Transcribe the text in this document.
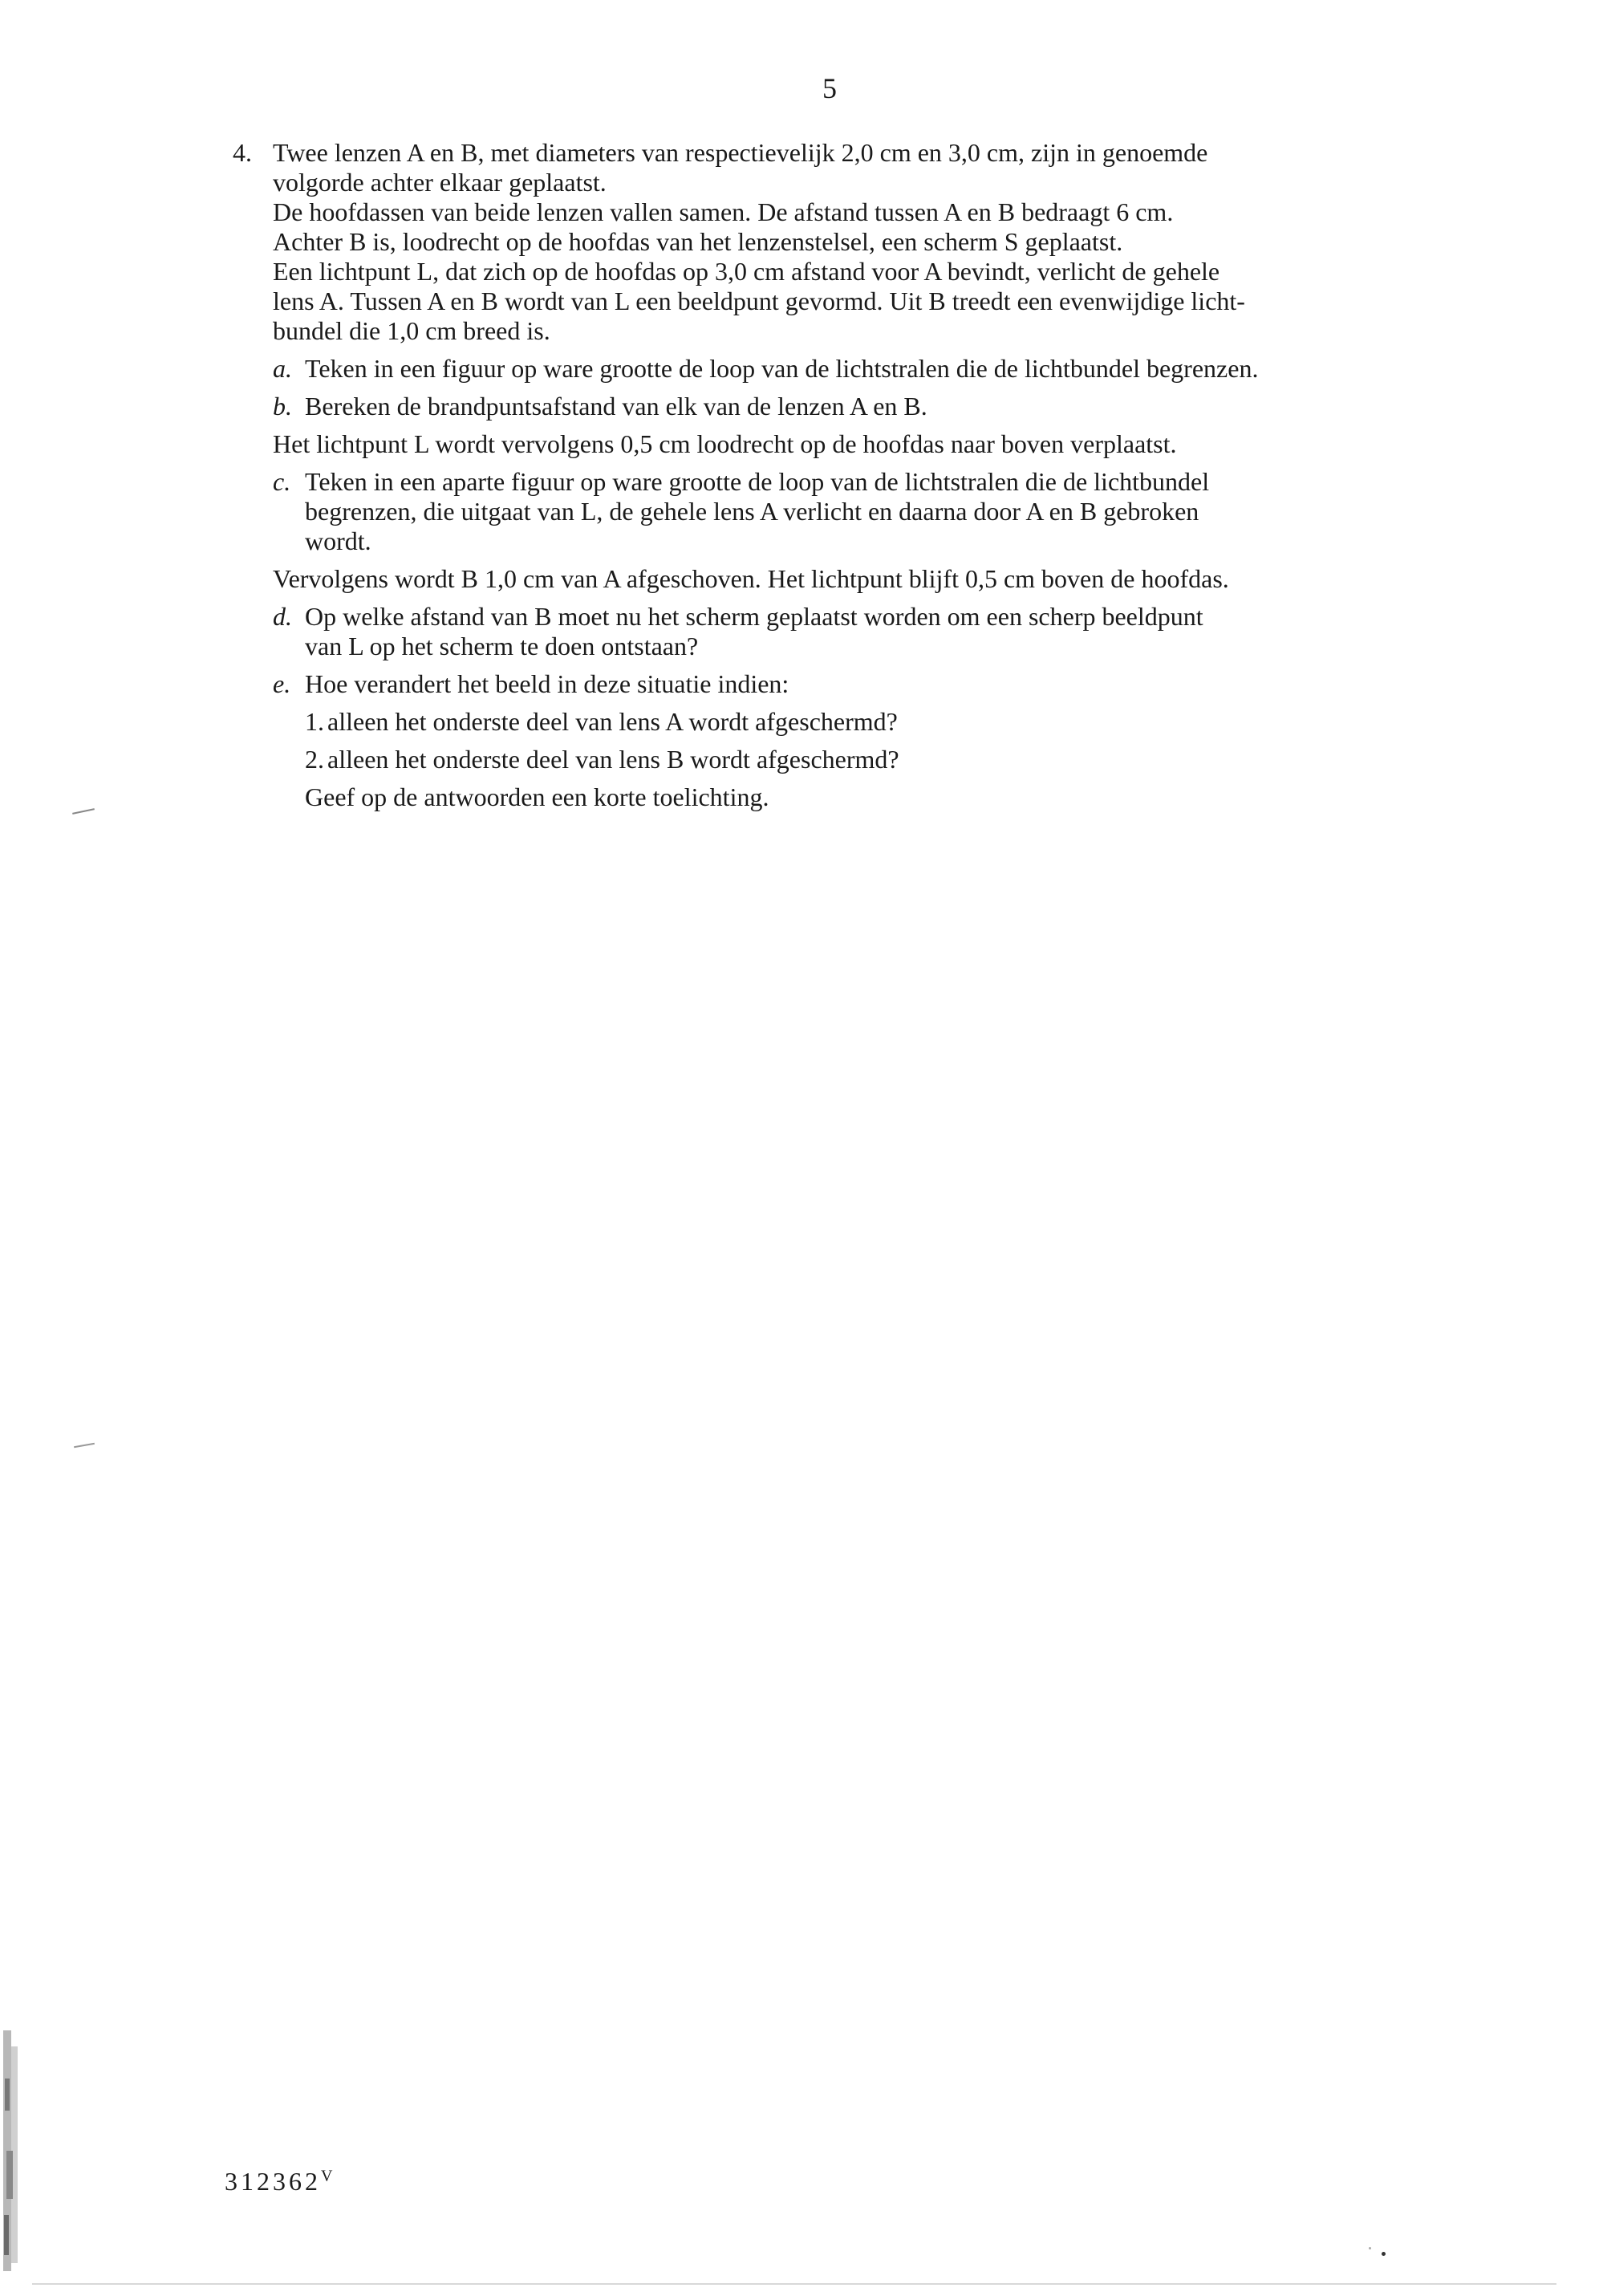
5
4. Twee lenzen A en B, met diameters van respectievelijk 2,0 cm en 3,0 cm, zijn in genoemde
volgorde achter elkaar geplaatst.
De hoofdassen van beide lenzen vallen samen. De afstand tussen A en B bedraagt 6 cm.
Achter B is, loodrecht op de hoofdas van het lenzenstelsel, een scherm S geplaatst.
Een lichtpunt L, dat zich op de hoofdas op 3,0 cm afstand voor A bevindt, verlicht de gehele
lens A. Tussen A en B wordt van L een beeldpunt gevormd. Uit B treedt een evenwijdige licht-
bundel die 1,0 cm breed is.
a. Teken in een figuur op ware grootte de loop van de lichtstralen die de lichtbundel begrenzen.
b. Bereken de brandpuntsafstand van elk van de lenzen A en B.
Het lichtpunt L wordt vervolgens 0,5 cm loodrecht op de hoofdas naar boven verplaatst.
c. Teken in een aparte figuur op ware grootte de loop van de lichtstralen die de lichtbundel
begrenzen, die uitgaat van L, de gehele lens A verlicht en daarna door A en B gebroken
wordt.
Vervolgens wordt B 1,0 cm van A afgeschoven. Het lichtpunt blijft 0,5 cm boven de hoofdas.
d. Op welke afstand van B moet nu het scherm geplaatst worden om een scherp beeldpunt
van L op het scherm te doen ontstaan?
e. Hoe verandert het beeld in deze situatie indien:
1. alleen het onderste deel van lens A wordt afgeschermd?
2. alleen het onderste deel van lens B wordt afgeschermd?
Geef op de antwoorden een korte toelichting.
$312362^V$
